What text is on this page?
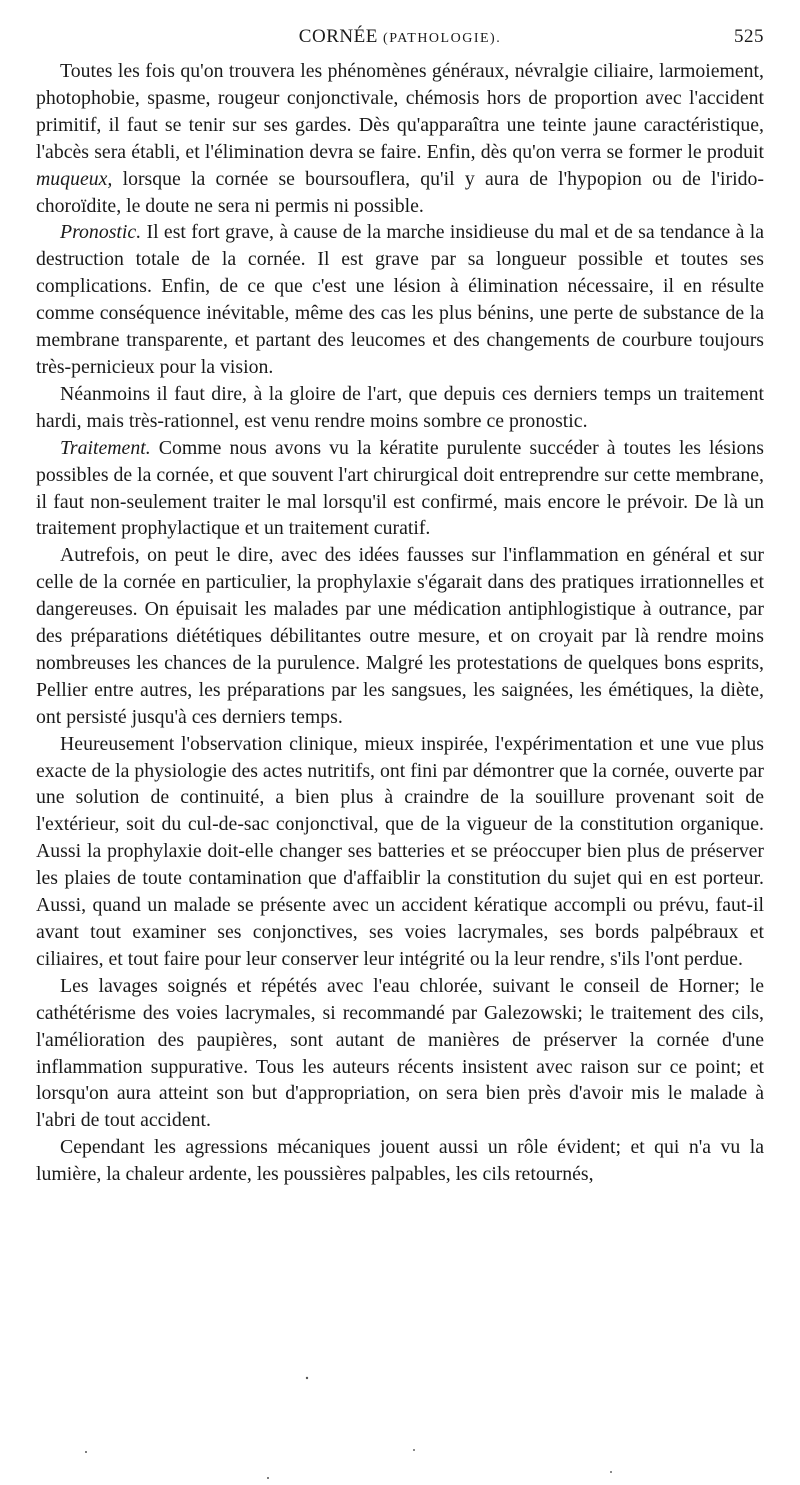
CORNÉE (PATHOLOGIE).	525

Toutes les fois qu'on trouvera les phénomènes généraux, névralgie ciliaire, larmoiement, photophobie, spasme, rougeur conjonctivale, chémosis hors de proportion avec l'accident primitif, il faut se tenir sur ses gardes. Dès qu'apparaîtra une teinte jaune caractéristique, l'abcès sera établi, et l'élimination devra se faire. Enfin, dès qu'on verra se former le produit muqueux, lorsque la cornée se boursouflera, qu'il y aura de l'hypopion ou de l'irido-choroïdite, le doute ne sera ni permis ni possible.

Pronostic. Il est fort grave, à cause de la marche insidieuse du mal et de sa tendance à la destruction totale de la cornée. Il est grave par sa longueur possible et toutes ses complications. Enfin, de ce que c'est une lésion à élimination nécessaire, il en résulte comme conséquence inévitable, même des cas les plus bénins, une perte de substance de la membrane transparente, et partant des leucomes et des changements de courbure toujours très-pernicieux pour la vision.

Néanmoins il faut dire, à la gloire de l'art, que depuis ces derniers temps un traitement hardi, mais très-rationnel, est venu rendre moins sombre ce pronostic.

Traitement. Comme nous avons vu la kératite purulente succéder à toutes les lésions possibles de la cornée, et que souvent l'art chirurgical doit entreprendre sur cette membrane, il faut non-seulement traiter le mal lorsqu'il est confirmé, mais encore le prévoir. De là un traitement prophylactique et un traitement curatif.

Autrefois, on peut le dire, avec des idées fausses sur l'inflammation en général et sur celle de la cornée en particulier, la prophylaxie s'égarait dans des pratiques irrationnelles et dangereuses. On épuisait les malades par une médication antiphlogistique à outrance, par des préparations diététiques débilitantes outre mesure, et on croyait par là rendre moins nombreuses les chances de la purulence. Malgré les protestations de quelques bons esprits, Pellier entre autres, les préparations par les sangsues, les saignées, les émétiques, la diète, ont persisté jusqu'à ces derniers temps.

Heureusement l'observation clinique, mieux inspirée, l'expérimentation et une vue plus exacte de la physiologie des actes nutritifs, ont fini par démontrer que la cornée, ouverte par une solution de continuité, a bien plus à craindre de la souillure provenant soit de l'extérieur, soit du cul-de-sac conjonctival, que de la vigueur de la constitution organique. Aussi la prophylaxie doit-elle changer ses batteries et se préoccuper bien plus de préserver les plaies de toute contamination que d'affaiblir la constitution du sujet qui en est porteur. Aussi, quand un malade se présente avec un accident kératique accompli ou prévu, faut-il avant tout examiner ses conjonctives, ses voies lacrymales, ses bords palpébraux et ciliaires, et tout faire pour leur conserver leur intégrité ou la leur rendre, s'ils l'ont perdue.

Les lavages soignés et répétés avec l'eau chlorée, suivant le conseil de Horner; le cathétérisme des voies lacrymales, si recommandé par Galezowski; le traitement des cils, l'amélioration des paupières, sont autant de manières de préserver la cornée d'une inflammation suppurative. Tous les auteurs récents insistent avec raison sur ce point; et lorsqu'on aura atteint son but d'appropriation, on sera bien près d'avoir mis le malade à l'abri de tout accident.

Cependant les agressions mécaniques jouent aussi un rôle évident; et qui n'a vu la lumière, la chaleur ardente, les poussières palpables, les cils retournés,
